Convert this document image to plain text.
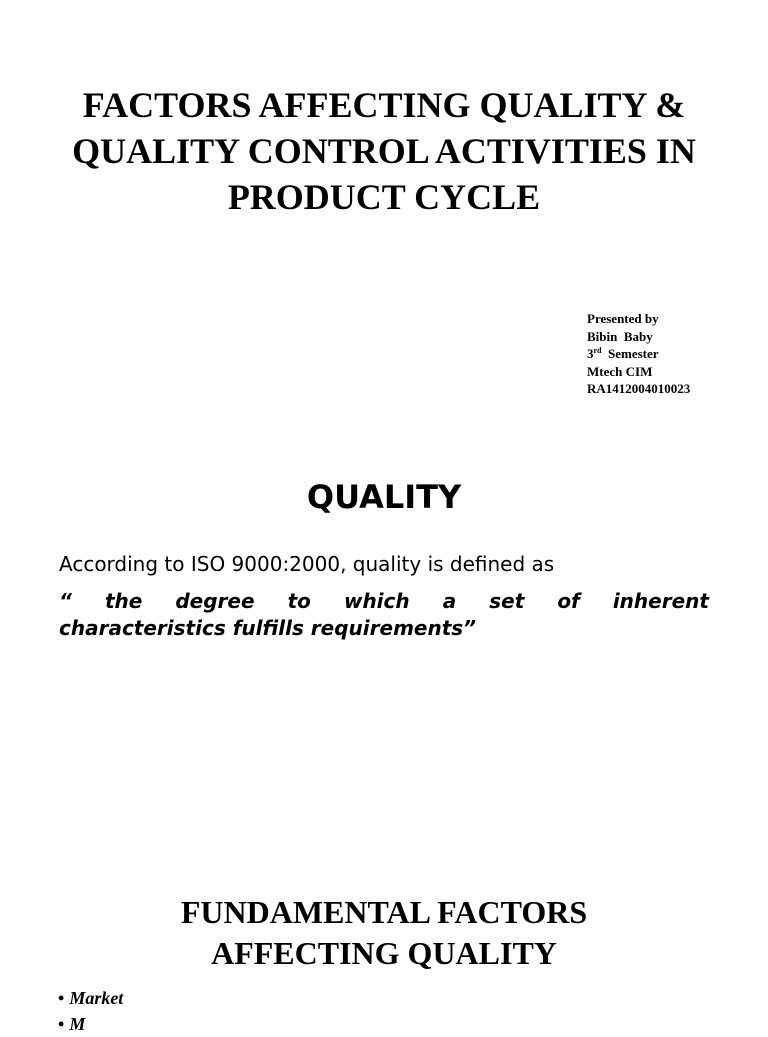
FACTORS AFFECTING QUALITY & QUALITY CONTROL ACTIVITIES IN PRODUCT CYCLE
Presented by
Bibin  Baby
3rd  Semester
Mtech CIM
RA1412004010023
QUALITY

According to ISO 9000:2000, quality is defined as

“ the degree to which a set of inherent
characteristics fulfills requirements”
FUNDAMENTAL FACTORS
AFFECTING QUALITY
• Market
• M
